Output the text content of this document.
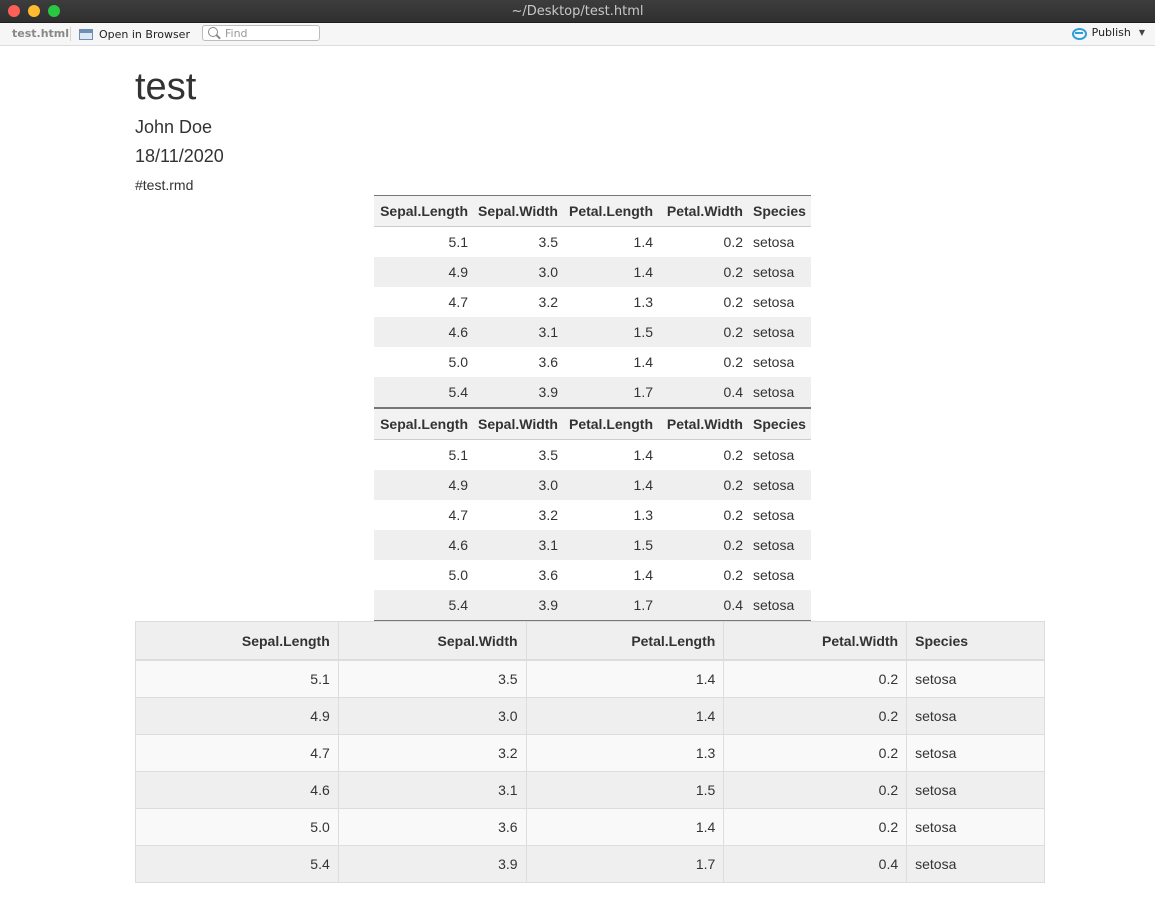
~/Desktop/test.html
test.html	Open in Browser
Find	Publish ▼
test
John Doe
18/11/2020
#test.rmd
Sepal.Length	Sepal.Width	Petal.Length	Petal.Width	Species
5.1	3.5	1.4	0.2	setosa
4.9	3.0	1.4	0.2	setosa
4.7	3.2	1.3	0.2	setosa
4.6	3.1	1.5	0.2	setosa
5.0	3.6	1.4	0.2	setosa
5.4	3.9	1.7	0.4	setosa
Sepal.Length	Sepal.Width	Petal.Length	Petal.Width	Species
5.1	3.5	1.4	0.2	setosa
4.9	3.0	1.4	0.2	setosa
4.7	3.2	1.3	0.2	setosa
4.6	3.1	1.5	0.2	setosa
5.0	3.6	1.4	0.2	setosa
5.4	3.9	1.7	0.4	setosa
Sepal.Length	Sepal.Width	Petal.Length	Petal.Width	Species
5.1	3.5	1.4	0.2	setosa
4.9	3.0	1.4	0.2	setosa
4.7	3.2	1.3	0.2	setosa
4.6	3.1	1.5	0.2	setosa
5.0	3.6	1.4	0.2	setosa
5.4	3.9	1.7	0.4	setosa
